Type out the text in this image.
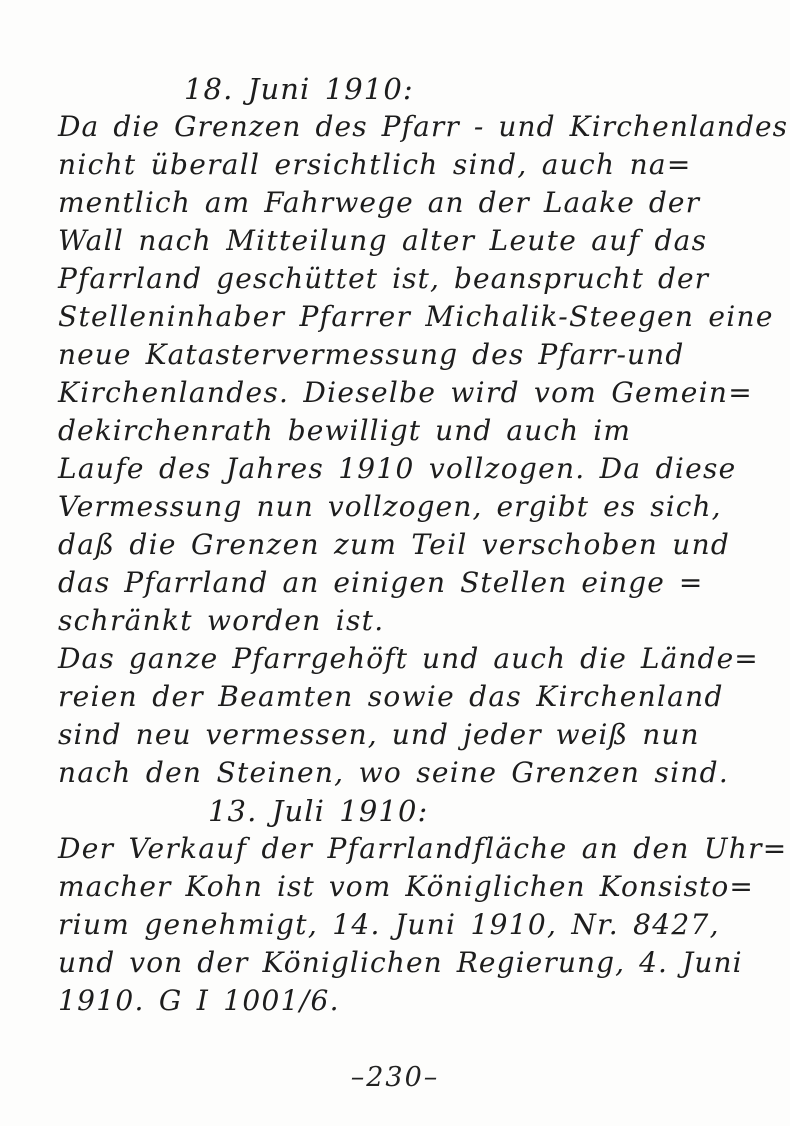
18. Juni 1910:
Da die Grenzen des Pfarr - und Kirchenlandes
nicht überall ersichtlich sind, auch na=
mentlich am Fahrwege an der Laake der
Wall nach Mitteilung alter Leute auf das
Pfarrland geschüttet ist, beansprucht der
Stelleninhaber Pfarrer Michalik-Steegen eine
neue Katastervermessung des Pfarr-und
Kirchenlandes. Dieselbe wird vom Gemein=
dekirchenrath bewilligt und auch im
Laufe des Jahres 1910 vollzogen. Da diese
Vermessung nun vollzogen, ergibt es sich,
daß die Grenzen zum Teil verschoben und
das Pfarrland an einigen Stellen einge =
schränkt worden ist.
Das ganze Pfarrgehöft und auch die Lände=
reien der Beamten sowie das Kirchenland
sind neu vermessen, und jeder weiß nun
nach den Steinen, wo seine Grenzen sind.
13. Juli 1910:
Der Verkauf der Pfarrlandfläche an den Uhr=
macher Kohn ist vom Königlichen Konsisto=
rium genehmigt, 14. Juni 1910, Nr. 8427,
und von der Königlichen Regierung, 4. Juni
1910. G I 1001/6.
–230–
